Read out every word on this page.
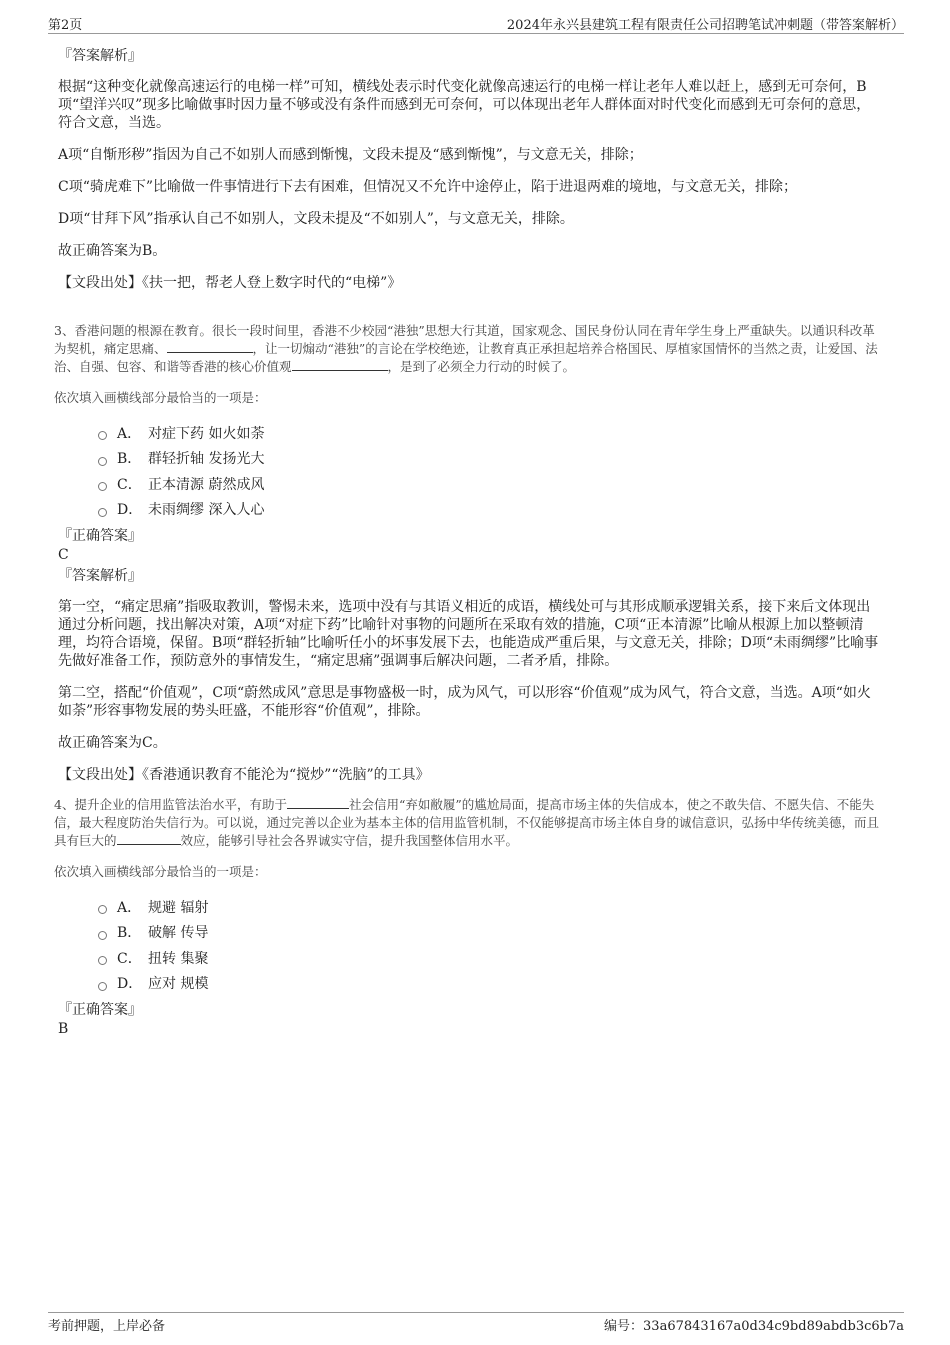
第2页	2024年永兴县建筑工程有限责任公司招聘笔试冲刺题（带答案解析）
『答案解析』

根据“这种变化就像高速运行的电梯一样”可知，横线处表示时代变化就像高速运行的电梯一样让老年人难以赶上，感到无可奈何，B项“望洋兴叹”现多比喻做事时因力量不够或没有条件而感到无可奈何，可以体现出老年人群体面对时代变化而感到无可奈何的意思，符合文意，当选。

A项“自惭形秽”指因为自己不如别人而感到惭愧，文段未提及“感到惭愧”，与文意无关，排除；

C项“骑虎难下”比喻做一件事情进行下去有困难，但情况又不允许中途停止，陷于进退两难的境地，与文意无关，排除；

D项“甘拜下风”指承认自己不如别人，文段未提及“不如别人”，与文意无关，排除。

故正确答案为B。

【文段出处】《扶一把，帮老人登上数字时代的“电梯”》

3、香港问题的根源在教育。很长一段时间里，香港不少校园“港独”思想大行其道，国家观念、国民身份认同在青年学生身上严重缺失。以通识科改革为契机，痛定思痛、	，让一切煽动“港独”的言论在学校绝迹，让教育真正承担起培养合格国民、厚植家国情怀的当然之责，让爱国、法治、自强、包容、和谐等香港的核心价值观	，是到了必须全力行动的时候了。

依次填入画横线部分最恰当的一项是：

A． 对症下药 如火如荼
B． 群轻折轴 发扬光大
C． 正本清源 蔚然成风
D． 未雨绸缪 深入人心
『正确答案』
C
『答案解析』

第一空，“痛定思痛”指吸取教训，警惕未来，选项中没有与其语义相近的成语，横线处可与其形成顺承逻辑关系，接下来后文体现出通过分析问题，找出解决对策，A项“对症下药”比喻针对事物的问题所在采取有效的措施，C项“正本清源”比喻从根源上加以整顿清理，均符合语境，保留。B项“群轻折轴”比喻听任小的坏事发展下去，也能造成严重后果，与文意无关，排除；D项“未雨绸缪”比喻事先做好准备工作，预防意外的事情发生，“痛定思痛”强调事后解决问题，二者矛盾，排除。

第二空，搭配“价值观”，C项“蔚然成风”意思是事物盛极一时，成为风气，可以形容“价值观”成为风气，符合文意，当选。A项“如火如荼”形容事物发展的势头旺盛，不能形容“价值观”，排除。

故正确答案为C。

【文段出处】《香港通识教育不能沦为“搅炒”“洗脑”的工具》

4、提升企业的信用监管法治水平，有助于	社会信用“弃如敝履”的尴尬局面，提高市场主体的失信成本，使之不敢失信、不愿失信、不能失信，最大程度防治失信行为。可以说，通过完善以企业为基本主体的信用监管机制，不仅能够提高市场主体自身的诚信意识，弘扬中华传统美德，而且具有巨大的	效应，能够引导社会各界诚实守信，提升我国整体信用水平。

依次填入画横线部分最恰当的一项是：

A． 规避 辐射
B． 破解 传导
C． 扭转 集聚
D． 应对 规模
『正确答案』
B
考前押题，上岸必备	编号：33a67843167a0d34c9bd89abdb3c6b7a
